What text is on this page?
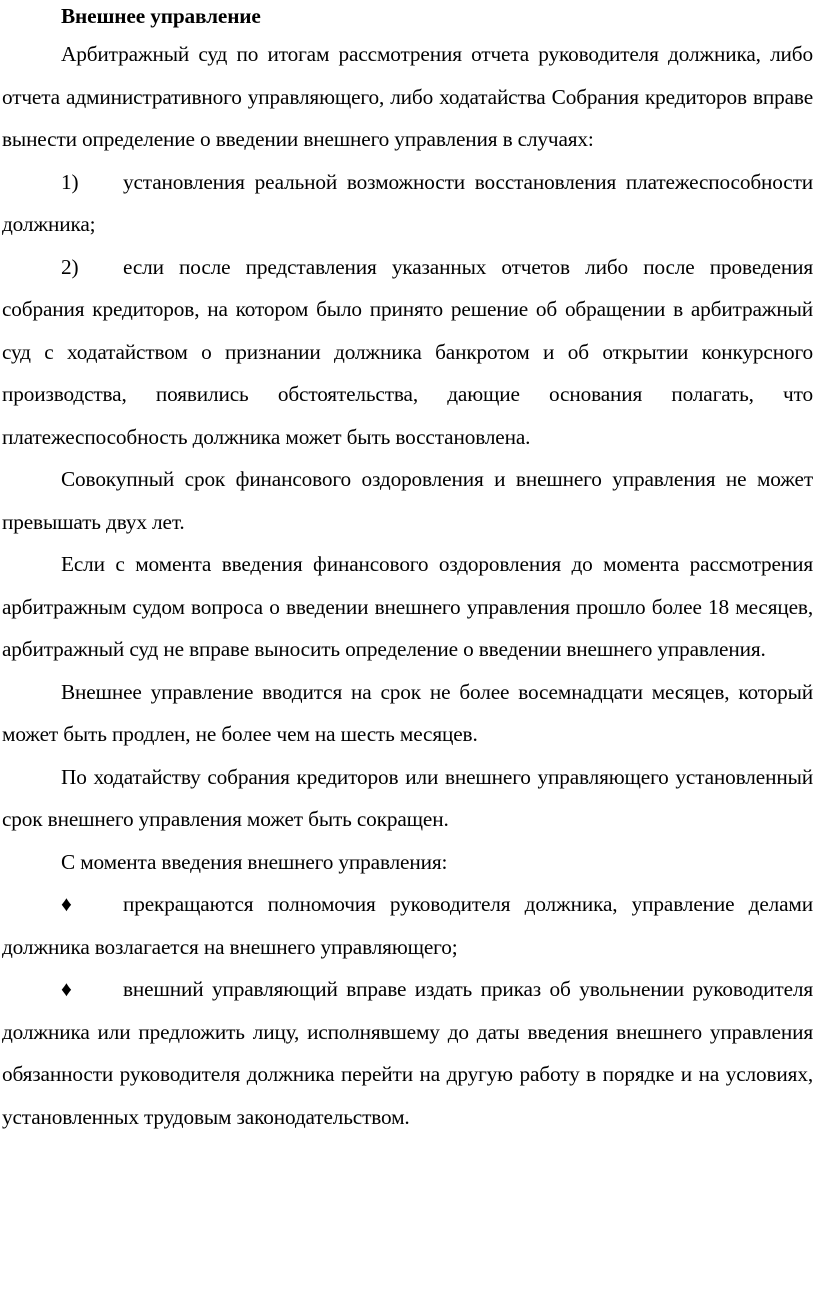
Внешнее управление

Арбитражный суд по итогам рассмотрения отчета руководителя должника, либо отчета административного управляющего, либо ходатайства Собрания кредиторов вправе вынести определение о введении внешнего управления в случаях:

1) установления реальной возможности восстановления платежеспособности должника;

2) если после представления указанных отчетов либо после проведения собрания кредиторов, на котором было принято решение об обращении в арбитражный суд с ходатайством о признании должника банкротом и об открытии конкурсного производства, появились обстоятельства, дающие основания полагать, что платежеспособность должника может быть восстановлена.

Совокупный срок финансового оздоровления и внешнего управления не может превышать двух лет.

Если с момента введения финансового оздоровления до момента рассмотрения арбитражным судом вопроса о введении внешнего управления прошло более 18 месяцев, арбитражный суд не вправе выносить определение о введении внешнего управления.

Внешнее управление вводится на срок не более восемнадцати месяцев, который может быть продлен, не более чем на шесть месяцев.

По ходатайству собрания кредиторов или внешнего управляющего установленный срок внешнего управления может быть сокращен.

С момента введения внешнего управления:

♦ прекращаются полномочия руководителя должника, управление делами должника возлагается на внешнего управляющего;

♦ внешний управляющий вправе издать приказ об увольнении руководителя должника или предложить лицу, исполнявшему до даты введения внешнего управления обязанности руководителя должника перейти на другую работу в порядке и на условиях, установленных трудовым законодательством.
